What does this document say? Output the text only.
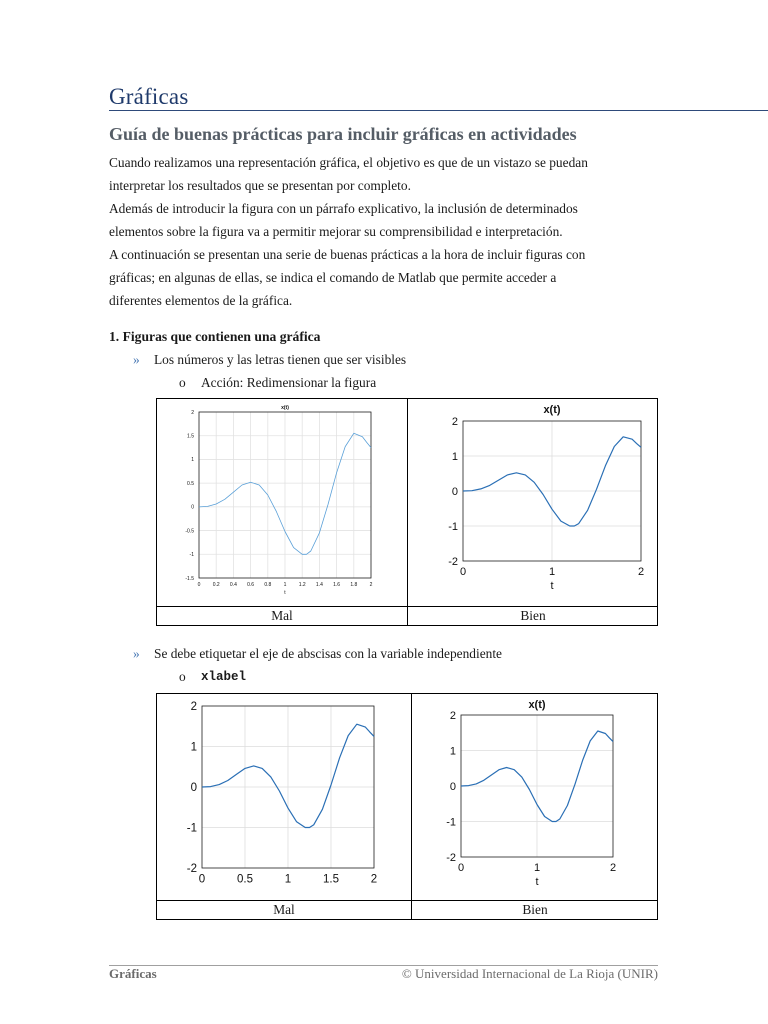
Gráficas
Guía de buenas prácticas para incluir gráficas en actividades

Cuando realizamos una representación gráfica, el objetivo es que de un vistazo se puedan

interpretar los resultados que se presentan por completo.

Además de introducir la figura con un párrafo explicativo, la inclusión de determinados

elementos sobre la figura va a permitir mejorar su comprensibilidad e interpretación.

A continuación se presentan una serie de buenas prácticas a la hora de incluir figuras con

gráficas; en algunas de ellas, se indica el comando de Matlab que permite acceder a

diferentes elementos de la gráfica.

1. Figuras que contienen una gráfica
» Los números y las letras tienen que ser visibles
o Acción: Redimensionar la figura
Mal	Bien
0 0.2 0.4 0.6 0.8 1 1.2 1.4 1.6 1.8 2
-1.5
-1
-0.5
0
0.5
1
1.5
2
x(t)
t
0	1	2
-2
-1
0
1
2
x(t)
t
» Se debe etiquetar el eje de abscisas con la variable independiente
o xlabel
Mal	Bien
0	0.5	1	1.5	2
-2
-1
0
1
2
0	1	2
-2
-1
0
1
2
x(t)
t
Gráficas	© Universidad Internacional de La Rioja (UNIR)
